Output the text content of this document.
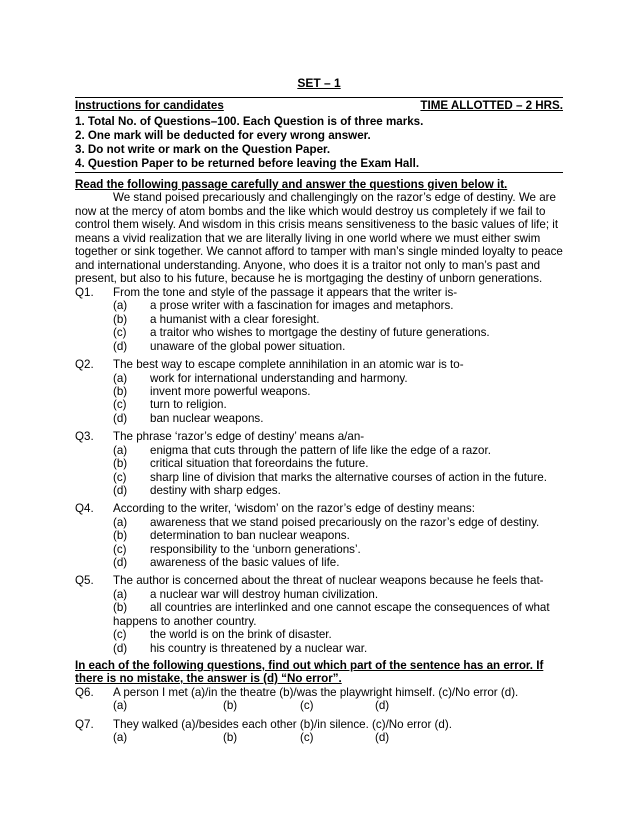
SET – 1
Instructions for candidates	TIME ALLOTTED – 2 HRS.
1. Total No. of Questions–100. Each Question is of three marks.
2. One mark will be deducted for every wrong answer.
3. Do not write or mark on the Question Paper.
4. Question Paper to be returned before leaving the Exam Hall.
Read the following passage carefully and answer the questions given below it.
We stand poised precariously and challengingly on the razor’s edge of destiny. We are
now at the mercy of atom bombs and the like which would destroy us completely if we fail to
control them wisely. And wisdom in this crisis means sensitiveness to the basic values of life; it
means a vivid realization that we are literally living in one world where we must either swim
together or sink together. We cannot afford to tamper with man’s single minded loyalty to peace
and international understanding. Anyone, who does it is a traitor not only to man’s past and
present, but also to his future, because he is mortgaging the destiny of unborn generations.
Q1. From the tone and style of the passage it appears that the writer is-
(a) a prose writer with a fascination for images and metaphors.
(b) a humanist with a clear foresight.
(c) a traitor who wishes to mortgage the destiny of future generations.
(d) unaware of the global power situation.
Q2. The best way to escape complete annihilation in an atomic war is to-
(a) work for international understanding and harmony.
(b) invent more powerful weapons.
(c) turn to religion.
(d) ban nuclear weapons.
Q3. The phrase ‘razor’s edge of destiny’ means a/an-
(a) enigma that cuts through the pattern of life like the edge of a razor.
(b) critical situation that foreordains the future.
(c) sharp line of division that marks the alternative courses of action in the future.
(d) destiny with sharp edges.
Q4. According to the writer, ‘wisdom’ on the razor’s edge of destiny means:
(a) awareness that we stand poised precariously on the razor’s edge of destiny.
(b) determination to ban nuclear weapons.
(c) responsibility to the ‘unborn generations’.
(d) awareness of the basic values of life.
Q5. The author is concerned about the threat of nuclear weapons because he feels that-
(a) a nuclear war will destroy human civilization.
(b) all countries are interlinked and one cannot escape the consequences of what
happens to another country.
(c) the world is on the brink of disaster.
(d) his country is threatened by a nuclear war.
In each of the following questions, find out which part of the sentence has an error. If
there is no mistake, the answer is (d) “No error”.
Q6. A person I met (a)/in the theatre (b)/was the playwright himself. (c)/No error (d).
(a)	(b)	(c)	(d)
Q7. They walked (a)/besides each other (b)/in silence. (c)/No error (d).
(a)	(b)	(c)	(d)
